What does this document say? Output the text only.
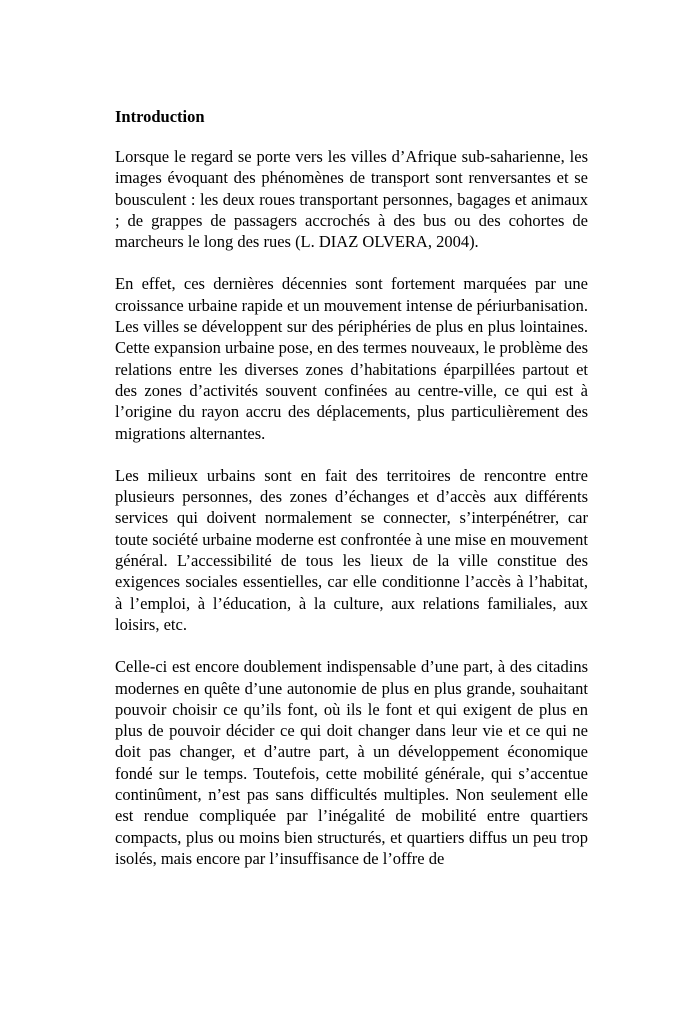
Introduction

Lorsque le regard se porte vers les villes d’Afrique sub-saharienne, les images évoquant des phénomènes de transport sont renversantes et se bousculent : les deux roues transportant personnes, bagages et animaux ; de grappes de passagers accrochés à des bus ou des cohortes de marcheurs le long des rues (L. DIAZ OLVERA, 2004).

En effet, ces dernières décennies sont fortement marquées par une croissance urbaine rapide et un mouvement intense de périurbanisation. Les villes se développent sur des périphéries de plus en plus lointaines. Cette expansion urbaine pose, en des termes nouveaux, le problème des relations entre les diverses zones d’habitations éparpillées partout et des zones d’activités souvent confinées au centre-ville, ce qui est à l’origine du rayon accru des déplacements, plus particulièrement des migrations alternantes.

Les milieux urbains sont en fait des territoires de rencontre entre plusieurs personnes, des zones d’échanges et d’accès aux différents services qui doivent normalement se connecter, s’interpénétrer, car toute société urbaine moderne est confrontée à une mise en mouvement général. L’accessibilité de tous les lieux de la ville constitue des exigences sociales essentielles, car elle conditionne l’accès à l’habitat, à l’emploi, à l’éducation, à la culture, aux relations familiales, aux loisirs, etc.

Celle-ci est encore doublement indispensable d’une part, à des citadins modernes en quête d’une autonomie de plus en plus grande, souhaitant pouvoir choisir ce qu’ils font, où ils le font et qui exigent de plus en plus de pouvoir décider ce qui doit changer dans leur vie et ce qui ne doit pas changer, et d’autre part, à un développement économique fondé sur le temps. Toutefois, cette mobilité générale, qui s’accentue continûment, n’est pas sans difficultés multiples. Non seulement elle est rendue compliquée par l’inégalité de mobilité entre quartiers compacts, plus ou moins bien structurés, et quartiers diffus un peu trop isolés, mais encore par l’insuffisance de l’offre de
